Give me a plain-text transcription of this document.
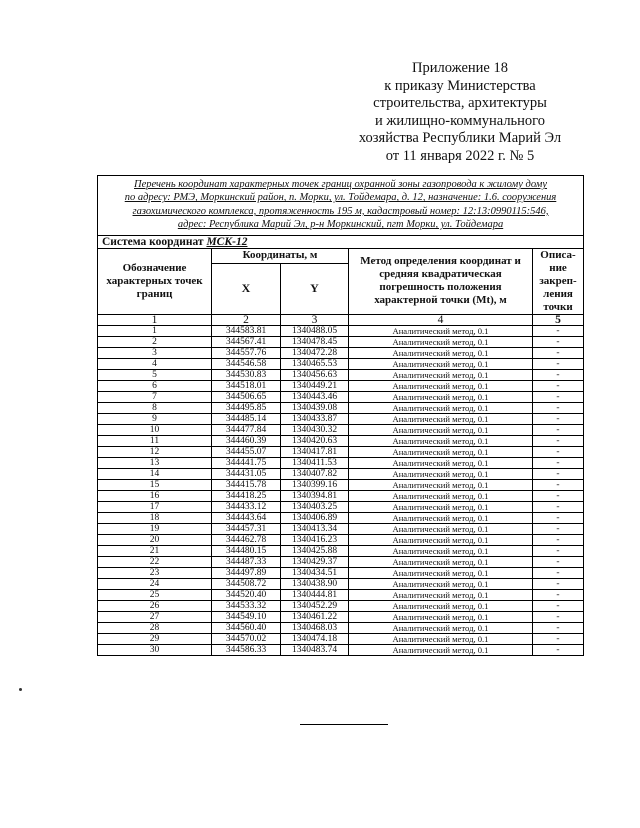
Приложение 18
к приказу Министерства
строительства, архитектуры
и жилищно-коммунального
хозяйства Республики Марий Эл
от 11 января 2022 г. № 5
Перечень координат характерных точек границ охранной зоны газопровода к жилому дому
по адресу: РМЭ, Моркинский район, п. Морки, ул. Тойдемара, д. 12, назначение: 1.6. сооружения
газохимического комплекса, протяженность 195 м, кадастровый номер: 12:13:0990115:546,
адрес: Республика Марий Эл, р-н Моркинский, пгт Морки, ул. Тойдемара				

Система координат МСК-12				
Обозначение характерных точек границ	Координаты, м		Метод определения координат и средняя квадратическая погрешность положения характерной точки (Mt), м	Описа-ние закреп-ления точки
	X	Y		
1	2	3	4	5
1	344583.81	1340488.05	Аналитический метод, 0.1	-
2	344567.41	1340478.45	Аналитический метод, 0.1	-
3	344557.76	1340472.28	Аналитический метод, 0.1	-
4	344546.58	1340465.53	Аналитический метод, 0.1	-
5	344530.83	1340456.63	Аналитический метод, 0.1	-
6	344518.01	1340449.21	Аналитический метод, 0.1	-
7	344506.65	1340443.46	Аналитический метод, 0.1	-
8	344495.85	1340439.08	Аналитический метод, 0.1	-
9	344485.14	1340433.87	Аналитический метод, 0.1	-
10	344477.84	1340430.32	Аналитический метод, 0.1	-
11	344460.39	1340420.63	Аналитический метод, 0.1	-
12	344455.07	1340417.81	Аналитический метод, 0.1	-
13	344441.75	1340411.53	Аналитический метод, 0.1	-
14	344431.05	1340407.82	Аналитический метод, 0.1	-
15	344415.78	1340399.16	Аналитический метод, 0.1	-
16	344418.25	1340394.81	Аналитический метод, 0.1	-
17	344433.12	1340403.25	Аналитический метод, 0.1	-
18	344443.64	1340406.89	Аналитический метод, 0.1	-
19	344457.31	1340413.34	Аналитический метод, 0.1	-
20	344462.78	1340416.23	Аналитический метод, 0.1	-
21	344480.15	1340425.88	Аналитический метод, 0.1	-
22	344487.33	1340429.37	Аналитический метод, 0.1	-
23	344497.89	1340434.51	Аналитический метод, 0.1	-
24	344508.72	1340438.90	Аналитический метод, 0.1	-
25	344520.40	1340444.81	Аналитический метод, 0.1	-
26	344533.32	1340452.29	Аналитический метод, 0.1	-
27	344549.10	1340461.22	Аналитический метод, 0.1	-
28	344560.40	1340468.03	Аналитический метод, 0.1	-
29	344570.02	1340474.18	Аналитический метод, 0.1	-
30	344586.33	1340483.74	Аналитический метод, 0.1	-
